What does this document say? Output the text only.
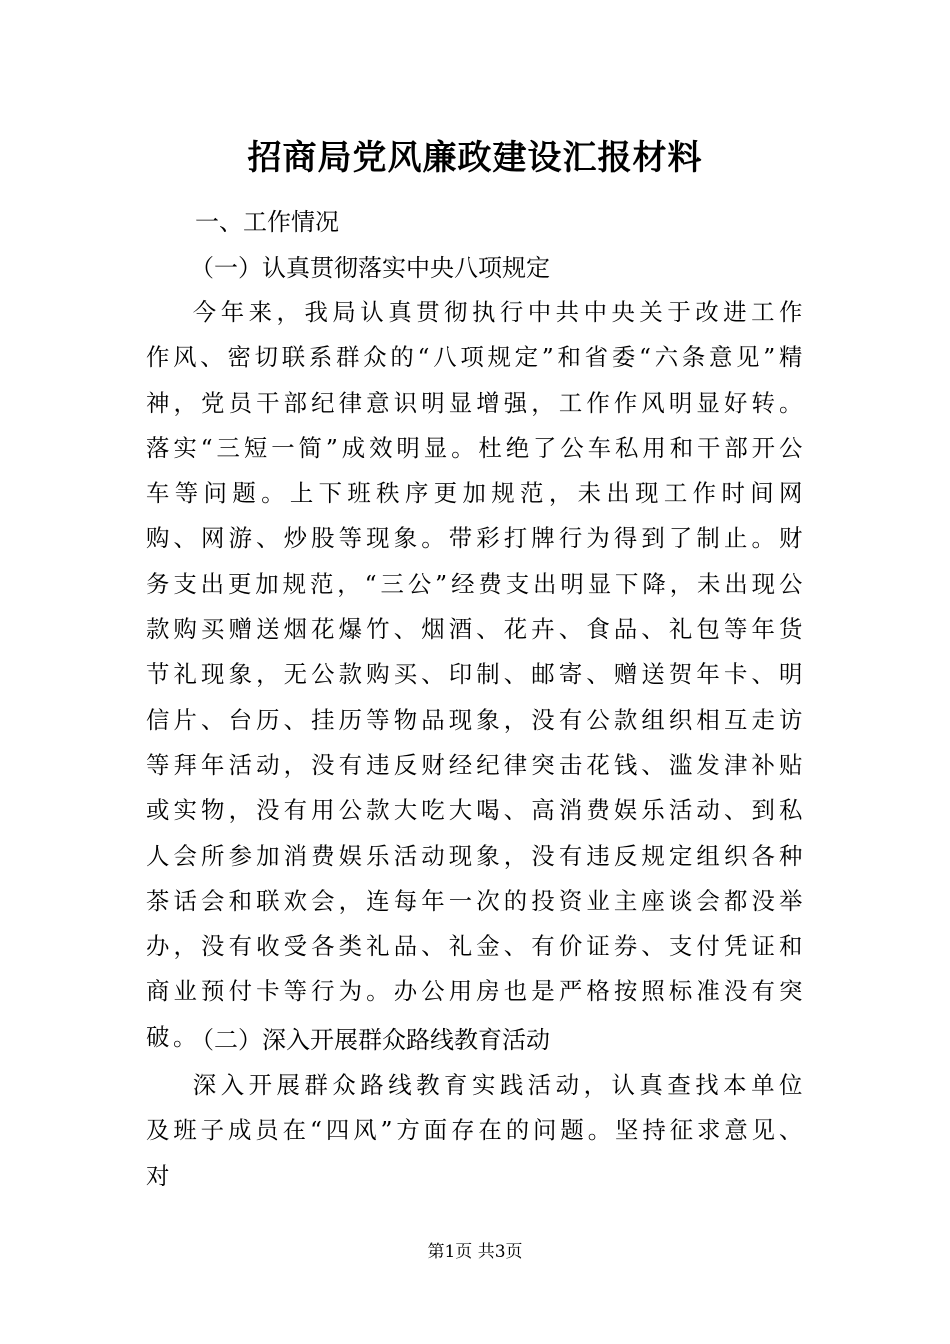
招商局党风廉政建设汇报材料
一、工作情况
（一）认真贯彻落实中央八项规定
今年来，我局认真贯彻执行中共中央关于改进工作作风、密切联系群众的“八项规定”和省委“六条意见”精神，党员干部纪律意识明显增强，工作作风明显好转。落实“三短一简”成效明显。杜绝了公车私用和干部开公车等问题。上下班秩序更加规范，未出现工作时间网购、网游、炒股等现象。带彩打牌行为得到了制止。财务支出更加规范，“三公”经费支出明显下降，未出现公款购买赠送烟花爆竹、烟酒、花卉、食品、礼包等年货节礼现象，无公款购买、印制、邮寄、赠送贺年卡、明信片、台历、挂历等物品现象，没有公款组织相互走访等拜年活动，没有违反财经纪律突击花钱、滥发津补贴或实物，没有用公款大吃大喝、高消费娱乐活动、到私人会所参加消费娱乐活动现象，没有违反规定组织各种茶话会和联欢会，连每年一次的投资业主座谈会都没举办，没有收受各类礼品、礼金、有价证券、支付凭证和商业预付卡等行为。办公用房也是严格按照标准没有突破。
（二）深入开展群众路线教育活动
深入开展群众路线教育实践活动，认真查找本单位及班子成员在“四风”方面存在的问题。坚持征求意见、对
第1页 共3页
